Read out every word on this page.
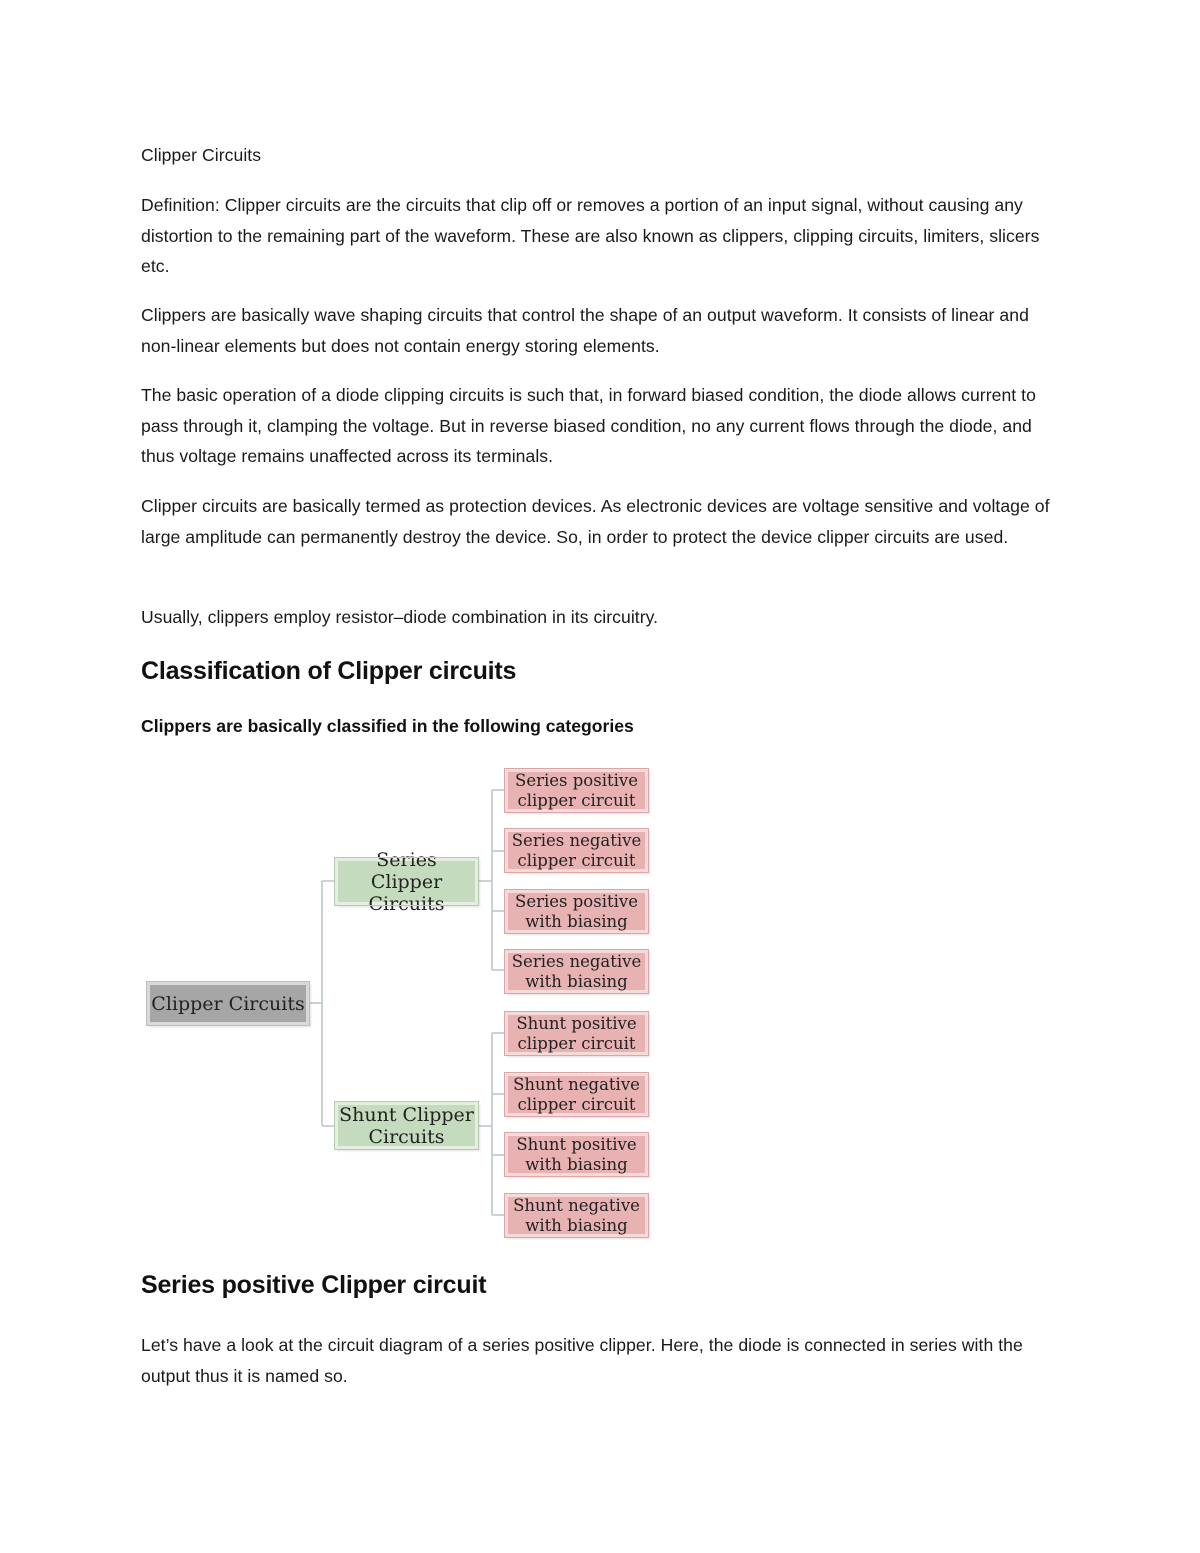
Clipper Circuits
Definition: Clipper circuits are the circuits that clip off or removes a portion of an input signal, without causing any distortion to the remaining part of the waveform. These are also known as clippers, clipping circuits, limiters, slicers etc.
Clippers are basically wave shaping circuits that control the shape of an output waveform. It consists of linear and non-linear elements but does not contain energy storing elements.
The basic operation of a diode clipping circuits is such that, in forward biased condition, the diode allows current to pass through it, clamping the voltage. But in reverse biased condition, no any current flows through the diode, and thus voltage remains unaffected across its terminals.
Clipper circuits are basically termed as protection devices. As electronic devices are voltage sensitive and voltage of large amplitude can permanently destroy the device. So, in order to protect the device clipper circuits are used.
Usually, clippers employ resistor–diode combination in its circuitry.
Classification of Clipper circuits
Clippers are basically classified in the following categories
Clipper Circuits
Series Clipper
Circuits
Shunt Clipper
Circuits
Series positive
clipper circuit
Series negative
clipper circuit
Series positive
with biasing
Series negative
with biasing
Shunt positive
clipper circuit
Shunt negative
clipper circuit
Shunt positive
with biasing
Shunt negative
with biasing
Series positive Clipper circuit
Let’s have a look at the circuit diagram of a series positive clipper. Here, the diode is connected in series with the output thus it is named so.
